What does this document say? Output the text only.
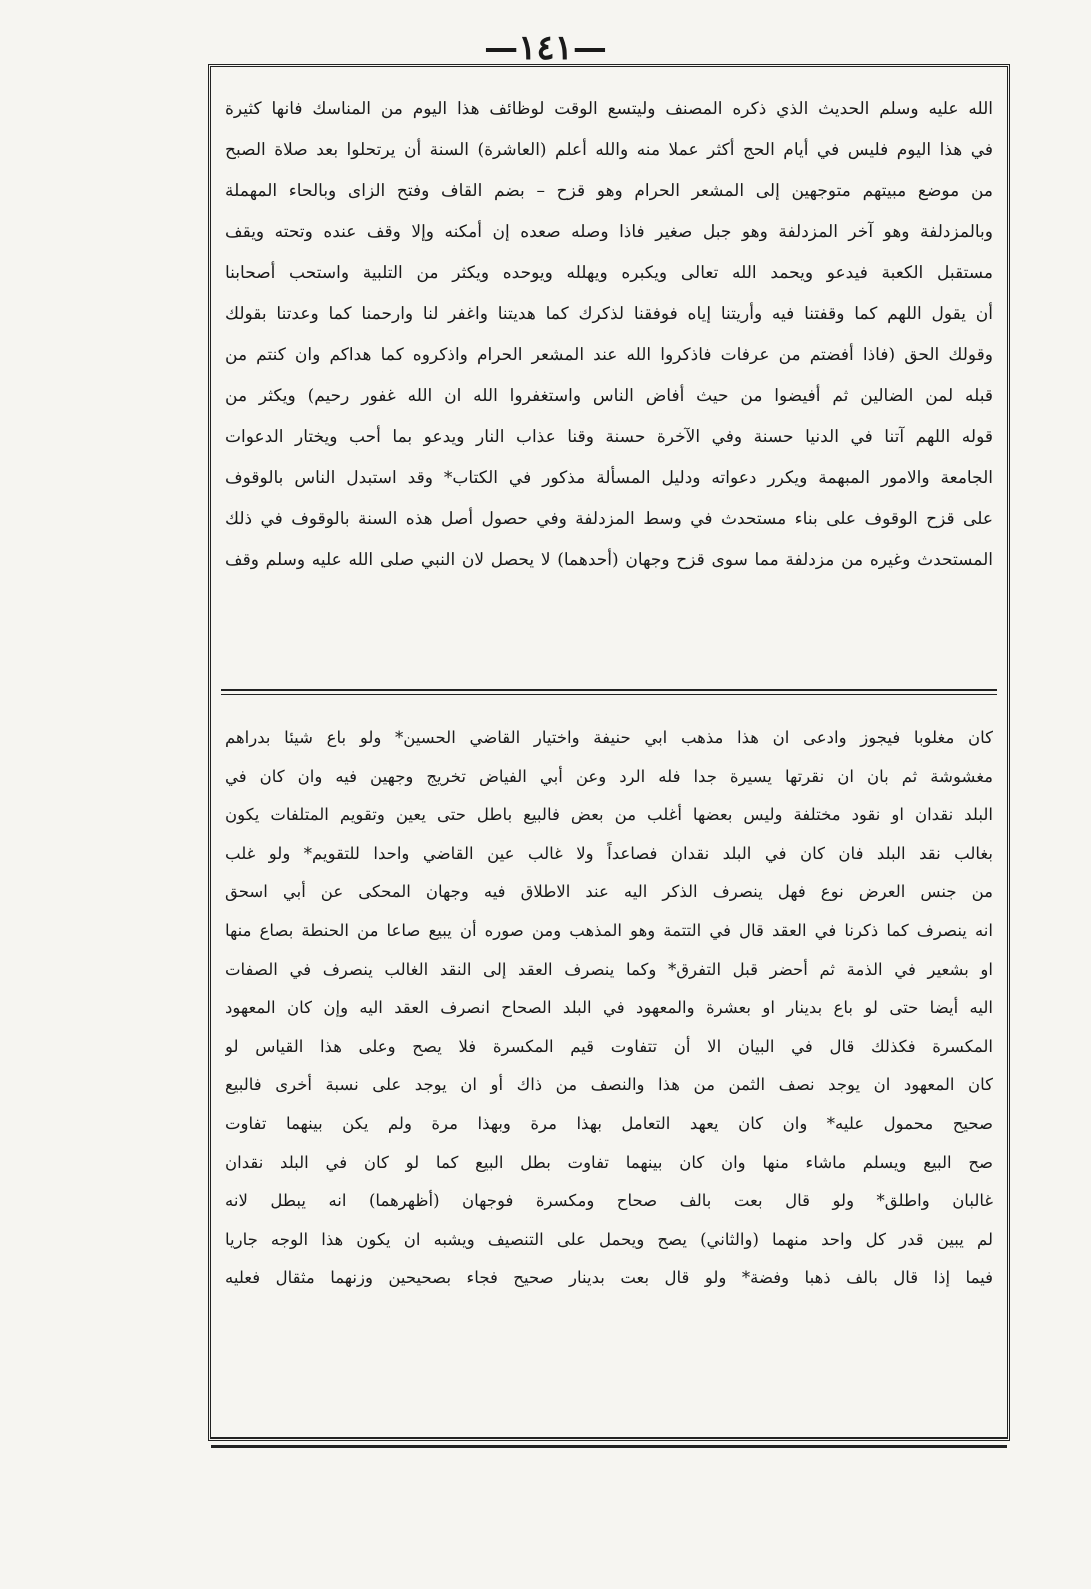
—١٤١—
الله عليه وسلم الحديث الذي ذكره المصنف وليتسع الوقت لوظائف هذا اليوم من المناسك فانها كثيرة
في هذا اليوم فليس في أيام الحج أكثر عملا منه والله أعلم (العاشرة) السنة أن يرتحلوا بعد صلاة الصبح
من موضع مبيتهم متوجهين إلى المشعر الحرام وهو قزح – بضم القاف وفتح الزاى وبالحاء المهملة
وبالمزدلفة وهو آخر المزدلفة وهو جبل صغير فاذا وصله صعده إن أمكنه وإلا وقف عنده وتحته ويقف
مستقبل الكعبة فيدعو ويحمد الله تعالى ويكبره ويهلله ويوحده ويكثر من التلبية واستحب أصحابنا
أن يقول اللهم كما وقفتنا فيه وأريتنا إياه فوفقنا لذكرك كما هديتنا واغفر لنا وارحمنا كما وعدتنا بقولك
وقولك الحق (فاذا أفضتم من عرفات فاذكروا الله عند المشعر الحرام واذكروه كما هداكم وان كنتم من
قبله لمن الضالين ثم أفيضوا من حيث أفاض الناس واستغفروا الله ان الله غفور رحيم) ويكثر من
قوله اللهم آتنا في الدنيا حسنة وفي الآخرة حسنة وقنا عذاب النار ويدعو بما أحب ويختار الدعوات
الجامعة والامور المبهمة ويكرر دعواته ودليل المسألة مذكور في الكتاب* وقد استبدل الناس بالوقوف
على قزح الوقوف على بناء مستحدث في وسط المزدلفة وفي حصول أصل هذه السنة بالوقوف في ذلك
المستحدث وغيره من مزدلفة مما سوى قزح وجهان (أحدهما) لا يحصل لان النبي صلى الله عليه وسلم وقف
كان مغلوبا فيجوز وادعى ان هذا مذهب ابي حنيفة واختيار القاضي الحسين* ولو باع شيئا بدراهم
مغشوشة ثم بان ان نقرتها يسيرة جدا فله الرد وعن أبي الفياض تخريج وجهين فيه وان كان في
البلد نقدان او نقود مختلفة وليس بعضها أغلب من بعض فالبيع باطل حتى يعين وتقويم المتلفات يكون
بغالب نقد البلد فان كان في البلد نقدان فصاعداً ولا غالب عين القاضي واحدا للتقويم* ولو غلب
من جنس العرض نوع فهل ينصرف الذكر اليه عند الاطلاق فيه وجهان المحكى عن أبي اسحق
انه ينصرف كما ذكرنا في العقد قال في التتمة وهو المذهب ومن صوره أن يبيع صاعا من الحنطة بصاع منها
او بشعير في الذمة ثم أحضر قبل التفرق* وكما ينصرف العقد إلى النقد الغالب ينصرف في الصفات
اليه أيضا حتى لو باع بدينار او بعشرة والمعهود في البلد الصحاح انصرف العقد اليه وإن كان المعهود
المكسرة فكذلك قال في البيان الا أن تتفاوت قيم المكسرة فلا يصح وعلى هذا القياس لو
كان المعهود ان يوجد نصف الثمن من هذا والنصف من ذاك أو ان يوجد على نسبة أخرى فالبيع
صحيح محمول عليه* وان كان يعهد التعامل بهذا مرة وبهذا مرة ولم يكن بينهما تفاوت
صح البيع ويسلم ماشاء منها وان كان بينهما تفاوت بطل البيع كما لو كان في البلد نقدان
غالبان واطلق* ولو قال بعت بالف صحاح ومكسرة فوجهان (أظهرهما) انه يبطل لانه
لم يبين قدر كل واحد منهما (والثاني) يصح ويحمل على التنصيف ويشبه ان يكون هذا الوجه جاريا
فيما إذا قال بالف ذهبا وفضة* ولو قال بعت بدينار صحيح فجاء بصحيحين وزنهما مثقال فعليه
